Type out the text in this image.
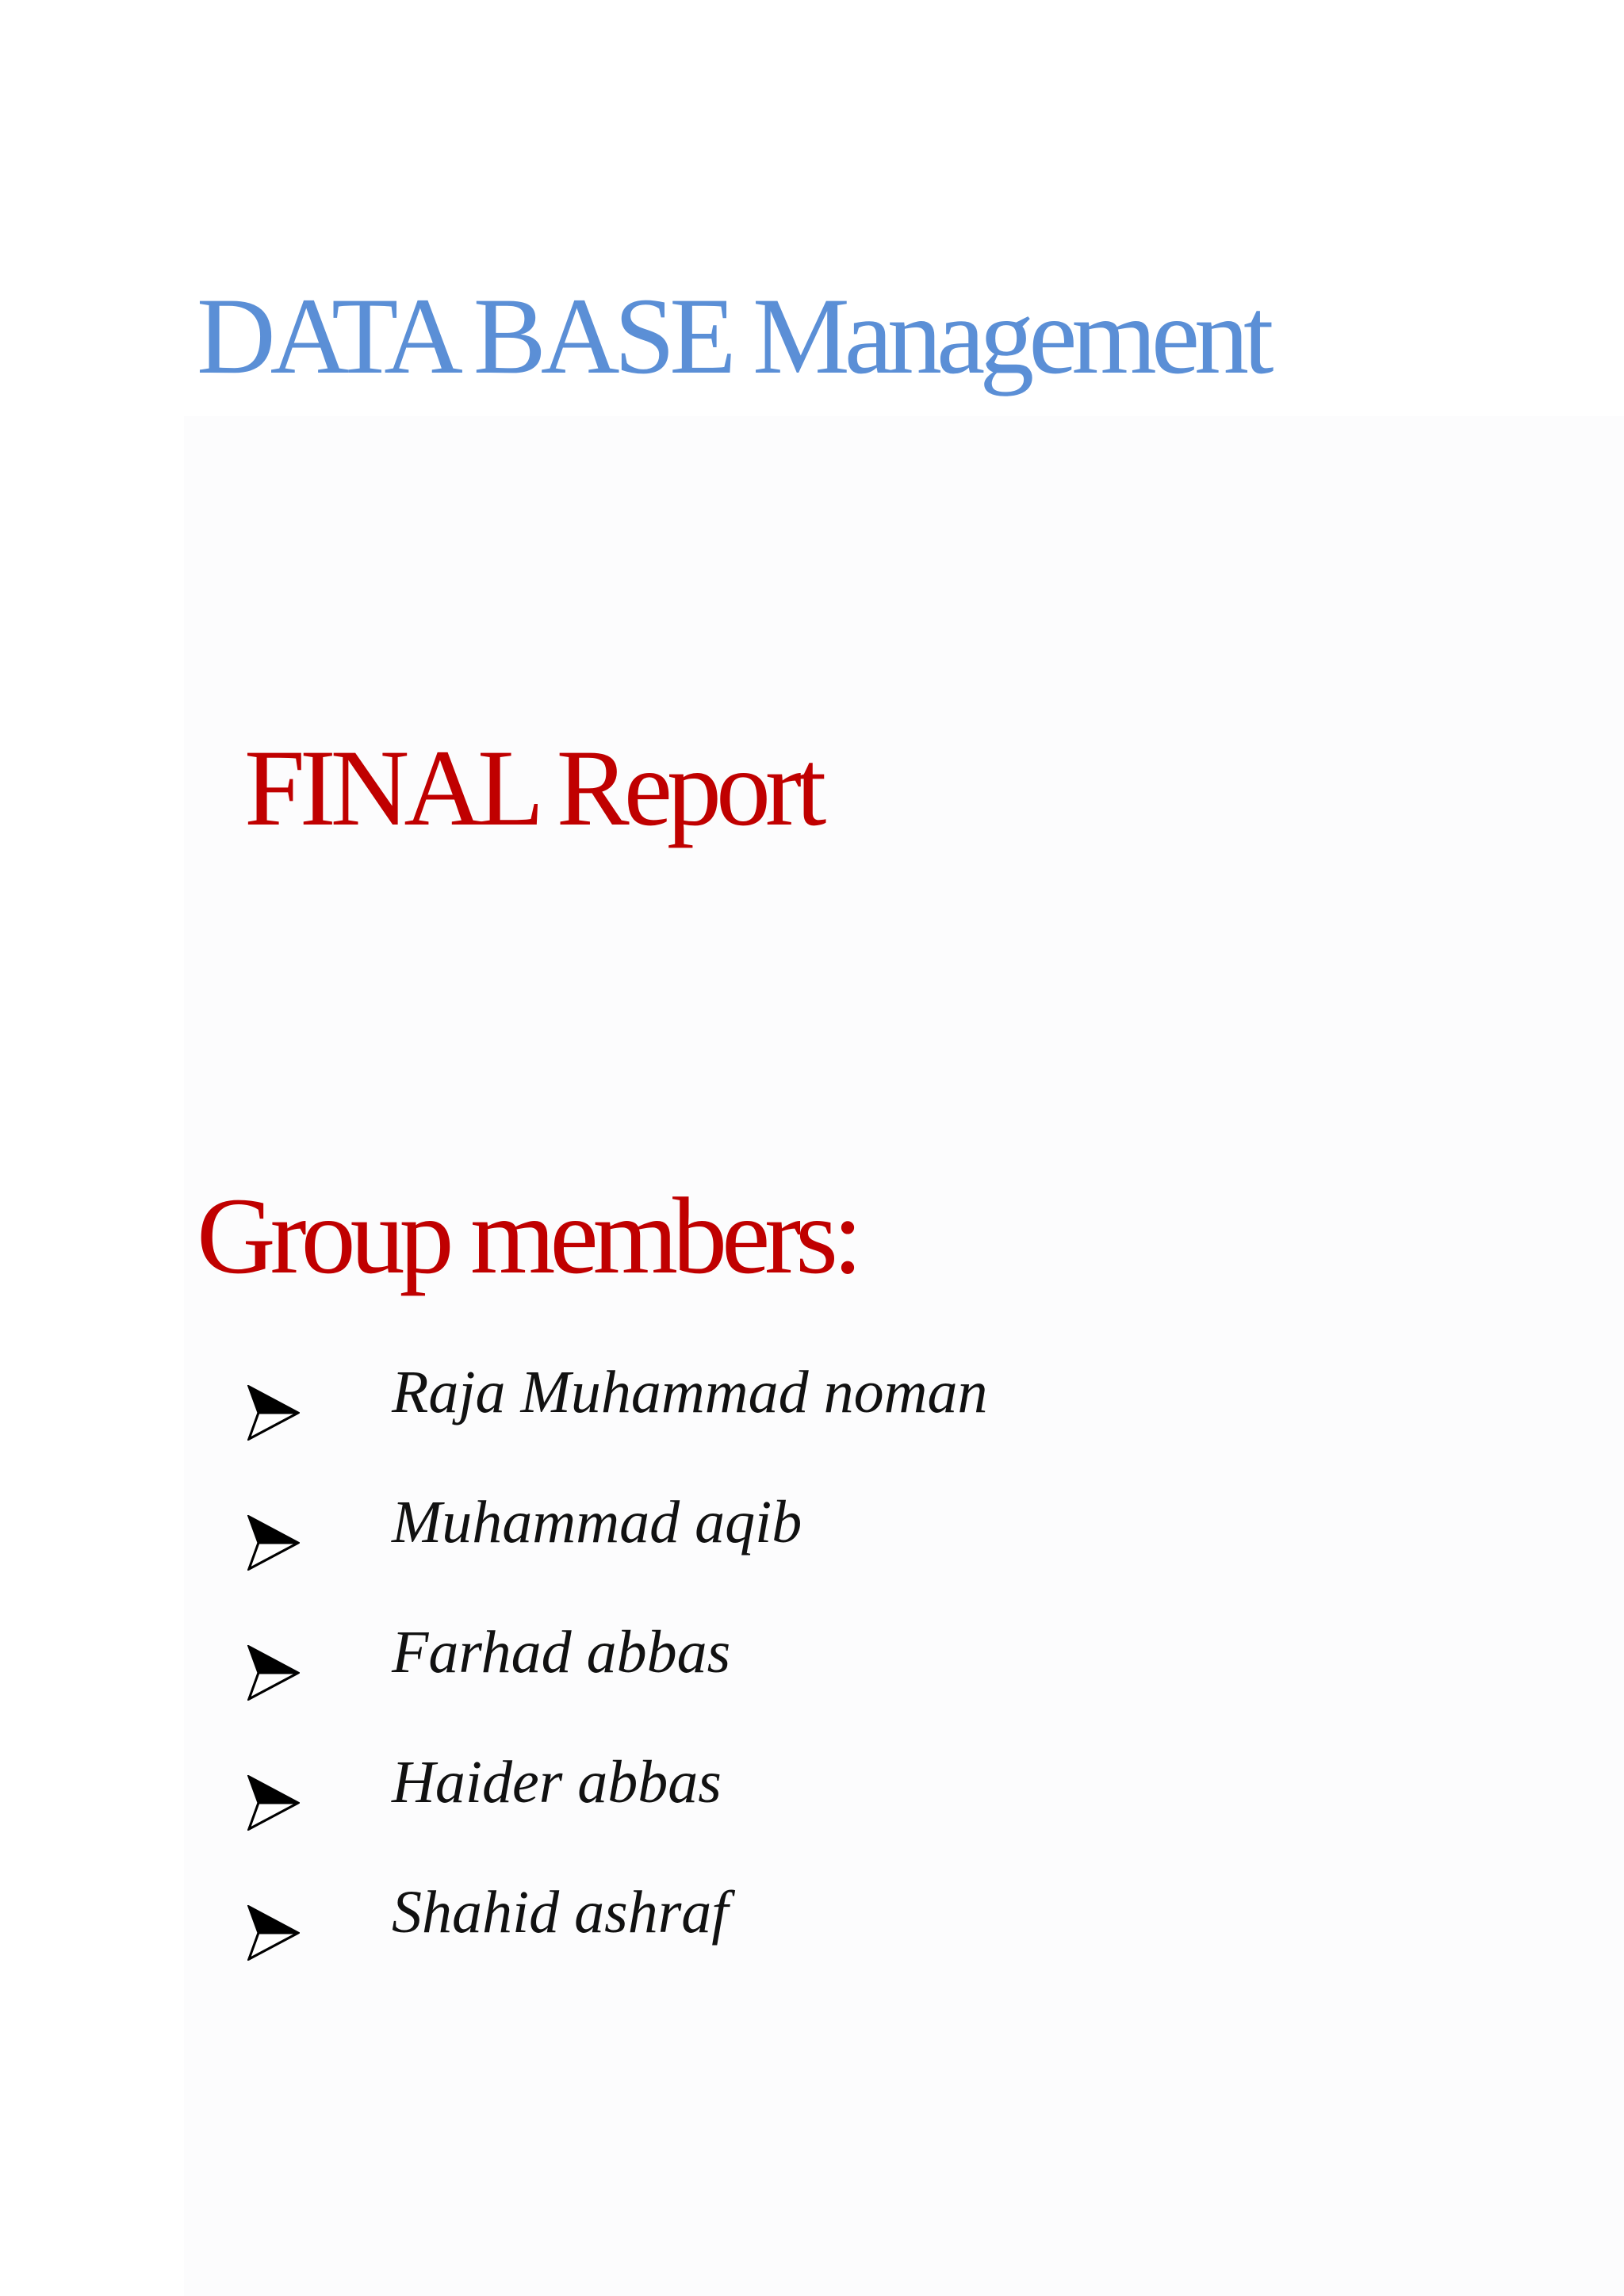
DATA BASE Management
FINAL Report
Group members:
Raja Muhammad noman
Muhammad aqib
Farhad abbas
Haider abbas
Shahid ashraf
